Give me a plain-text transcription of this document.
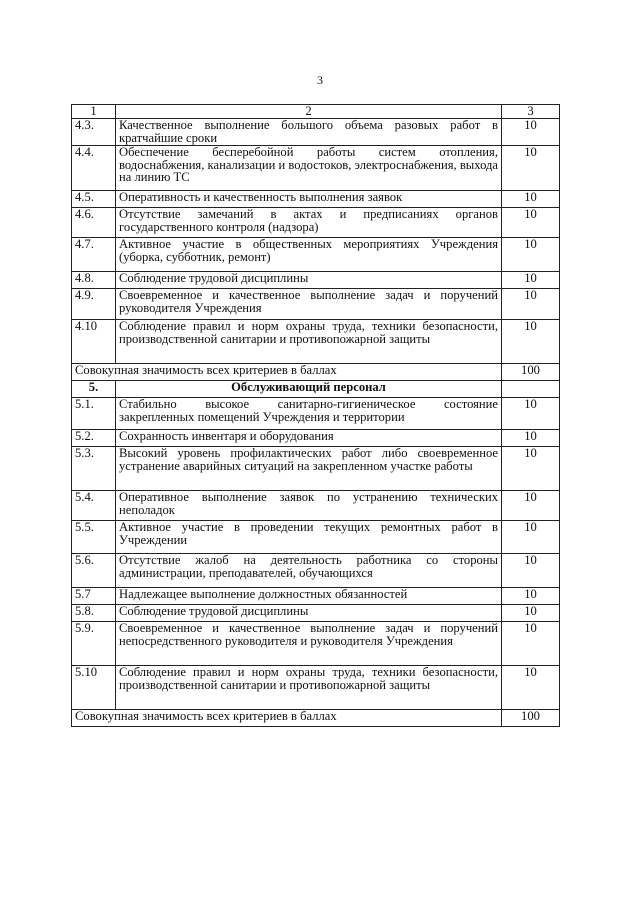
3
1	2	3
4.3.	Качественное выполнение большого объема разовых работ в кратчайшие сроки	10
4.4.	Обеспечение бесперебойной работы систем отопления, водоснабжения, канализации и водостоков, электроснабжения, выхода на линию ТС	10
4.5.	Оперативность и качественность выполнения заявок	10
4.6.	Отсутствие замечаний в актах и предписаниях органов государственного контроля (надзора)	10
4.7.	Активное участие в общественных мероприятиях Учреждения (уборка, субботник, ремонт)	10
4.8.	Соблюдение трудовой дисциплины	10
4.9.	Своевременное и качественное выполнение задач и поручений руководителя Учреждения	10
4.10	Соблюдение правил и норм охраны труда, техники безопасности, производственной санитарии и противопожарной защиты	10
Совокупная значимость всех критериев в баллах		100
5.	Обслуживающий персонал	
5.1.	Стабильно высокое санитарно-гигиеническое состояние закрепленных помещений Учреждения и территории	10
5.2.	Сохранность инвентаря и оборудования	10
5.3.	Высокий уровень профилактических работ либо своевременное устранение аварийных ситуаций на закрепленном участке работы	10
5.4.	Оперативное выполнение заявок по устранению технических неполадок	10
5.5.	Активное участие в проведении текущих ремонтных работ в Учреждении	10
5.6.	Отсутствие жалоб на деятельность работника со стороны администрации, преподавателей, обучающихся	10
5.7	Надлежащее выполнение должностных обязанностей	10
5.8.	Соблюдение трудовой дисциплины	10
5.9.	Своевременное и качественное выполнение задач и поручений непосредственного руководителя и руководителя Учреждения	10
5.10	Соблюдение правил и норм охраны труда, техники безопасности, производственной санитарии и противопожарной защиты	10
Совокупная значимость всех критериев в баллах		100
